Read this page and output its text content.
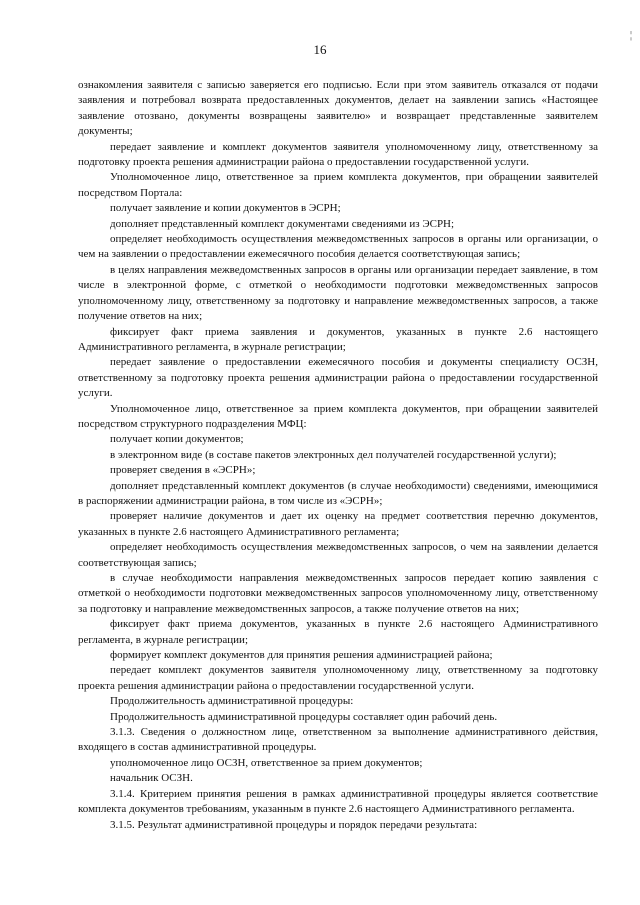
¦
16

ознакомления заявителя с записью заверяется его подписью. Если при этом заявитель отказался от подачи заявления и потребовал возврата предоставленных документов, делает на заявлении запись «Настоящее заявление отозвано, документы возвращены заявителю» и возвращает представленные заявителем документы;

передает заявление и комплект документов заявителя уполномоченному лицу, ответственному за подготовку проекта решения администрации района о предоставлении государственной услуги.

Уполномоченное лицо, ответственное за прием комплекта документов, при обращении заявителей посредством Портала:

получает заявление и копии документов в ЭСРН;

дополняет представленный комплект документами сведениями из ЭСРН;

определяет необходимость осуществления межведомственных запросов в органы или организации, о чем на заявлении о предоставлении ежемесячного пособия делается соответствующая запись;

в целях направления межведомственных запросов в органы или организации передает заявление, в том числе в электронной форме, с отметкой о необходимости подготовки межведомственных запросов уполномоченному лицу, ответственному за подготовку и направление межведомственных запросов, а также получение ответов на них;

фиксирует факт приема заявления и документов, указанных в пункте 2.6 настоящего Административного регламента, в журнале регистрации;

передает заявление о предоставлении ежемесячного пособия и документы специалисту ОСЗН, ответственному за подготовку проекта решения администрации района о предоставлении государственной услуги.

Уполномоченное лицо, ответственное за прием комплекта документов, при обращении заявителей посредством структурного подразделения МФЦ:

получает копии документов;

в электронном виде (в составе пакетов электронных дел получателей государственной услуги);

проверяет сведения в «ЭСРН»;

дополняет представленный комплект документов (в случае необходимости) сведениями, имеющимися в распоряжении администрации района, в том числе из «ЭСРН»;

проверяет наличие документов и дает их оценку на предмет соответствия перечню документов, указанных в пункте 2.6 настоящего Административного регламента;

определяет необходимость осуществления межведомственных запросов, о чем на заявлении делается соответствующая запись;

в случае необходимости направления межведомственных запросов передает копию заявления с отметкой о необходимости подготовки межведомственных запросов уполномоченному лицу, ответственному за подготовку и направление межведомственных запросов, а также получение ответов на них;

фиксирует факт приема документов, указанных в пункте 2.6 настоящего Административного регламента, в журнале регистрации;

формирует комплект документов для принятия решения администрацией района;

передает комплект документов заявителя уполномоченному лицу, ответственному за подготовку проекта решения администрации района о предоставлении государственной услуги.

Продолжительность административной процедуры:

Продолжительность административной процедуры составляет один рабочий день.

3.1.3. Сведения о должностном лице, ответственном за выполнение административного действия, входящего в состав административной процедуры.

уполномоченное лицо ОСЗН, ответственное за прием документов;

начальник ОСЗН.

3.1.4. Критерием принятия решения в рамках административной процедуры является соответствие комплекта документов требованиям, указанным в пункте 2.6 настоящего Административного регламента.

3.1.5. Результат административной процедуры и порядок передачи результата:
